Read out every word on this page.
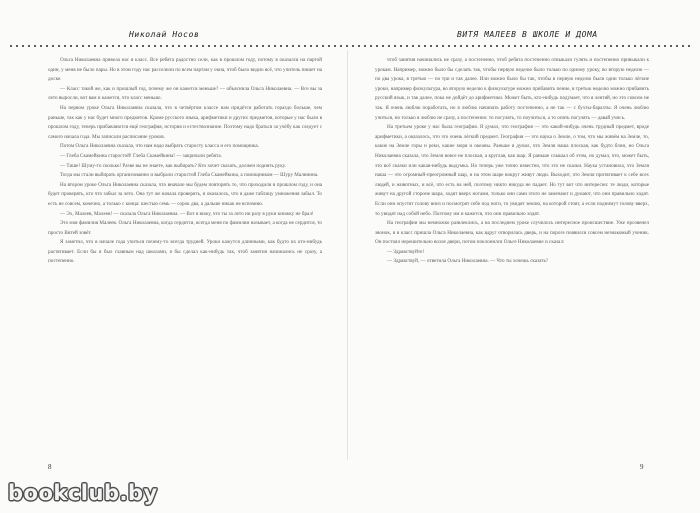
Николай Носов	ВИТЯ МАЛЕЕВ В ШКОЛЕ И ДОМА

Ольга Николаевна привела нас в класс. Все ребята радостно сели, как в прошлом году, потому я оказался на партой один, у меня не было пары. Но в этом году нас расселили по всем партам у окна, чтоб было видно всё, что учитель пишет на доске.

— Класс такой же, как и прошлый год, почему же он кажется меньше? — объяснила Ольга Николаевна. — Все вы за лето выросли, вот вам и кажется, что класс меньше.

На первом уроке Ольга Николаевна сказала, что в четвёртом классе нам придётся работать гораздо больше, чем раньше, так как у нас будет много предметов. Кроме русского языка, арифметики и других предметов, которые у нас были в прошлом году, теперь прибавляются ещё география, история и естествознание. Поэтому надо браться за учёбу как следует с самого начала года. Мы записали расписание уроков.

Потом Ольга Николаевна сказала, что нам надо выбрать старосту класса и его помощника.

— Глеба Скамейкина старостой! Глеба Скамейкина! — закричали ребята.

— Тише! Шуму-то сколько! Разве вы не знаете, как выбирать? Кто хочет сказать, должен поднять руку.

Тогда мы стали выбирать организованно и выбрали старостой Глеба Скамейкина, а помощником — Шуру Малинина.

На втором уроке Ольга Николаевна сказала, что вначале мы будем повторять то, что проходили в прошлом году, и она будет проверять, кто что забыл за лето. Она тут же начала проверять, и оказалось, что я даже таблицу умножения забыл. То есть не совсем, конечно, а только с конца: шестью семь — сорок два, а дальше никак не вспомню.

— Эх, Малеев, Малеев! — сказала Ольга Николаевна. — Вот я вижу, что ты за лето ни разу в руки книжку не брал!

Это моя фамилия Малеев. Ольга Николаевна, когда сердится, всегда меня по фамилии называет, а когда не сердится, то просто Витей зовёт.

Я заметил, что в начале года учиться почему-то всегда трудней. Уроки кажутся длинными, как будто их кто-нибудь растягивает. Если бы я был главным над школами, я бы сделал как-нибудь так, чтоб занятия начинались не сразу, а постепенно.

чтоб занятия начинались не сразу, а постепенно, чтоб ребята постепенно отвыкали гулять и постепенно привыкали к урокам. Например, можно было бы сделать так, чтобы первую неделю было только по одному уроку, во вторую неделю — по два урока, в третью — по три и так далее. Или можно было бы так, чтобы в первую неделю были одни только лёгкие уроки, например физкультура, во вторую неделю к физкультуре можно прибавить пение, в третью неделю можно прибавить русский язык, и так далее, пока не дойдёт до арифметики. Может быть, кто-нибудь подумает, что я лентяй, но это совсем не так. Я очень люблю поработать, но я люблю начинать работу постепенно, а не так — с бухты-барахты. Я очень люблю учиться, но только я люблю не сразу, а постепенно: то погулять, то поучиться, а то опять погулять — давай учись.

На третьем уроке у нас была география. Я думал, что география — это какой-нибудь очень трудный предмет, вроде арифметики, а оказалось, что это очень лёгкий предмет. География — это наука о Земле, о том, что мы живём на Земле, то, какие на Земле горы и реки, какие моря и океаны. Раньше я думал, что Земля наша плоская, как будто блин, но Ольга Николаевна сказала, что Земля вовсе не плоская, а круглая, как шар. Я раньше слышал об этом, но думал, что, может быть, это всё сказки или какая-нибудь выдумка. Но теперь уже точно известно, что это не сказки. Наука установила, что Земля наша — это огромный-преогромный шар, и на этом шаре вокруг живут люди. Выходит, что Земля притягивает к себе всех людей, и животных, и всё, что есть на ней, поэтому никто никуда не падает. Но тут вот что интересно: те люди, которые живут на другой стороне шара, ходят вверх ногами, только они сами этого не замечают и думают, что они правильно ходят. Если они опустят голову вниз и посмотрят себе под ноги, то увидят землю, на которой стоят, а если поднимут голову вверх, то увидят над собой небо. Поэтому им и кажется, что они правильно ходят.

На географии мы немножко развлеклись, а на последнем уроке случилось интересное происшествие. Уже прозвенел звонок, и в класс пришла Ольга Николаевна, как вдруг отворилась дверь, и на пороге появился совсем незнакомый ученик. Он постоял нерешительно возле двери, потом поклонился Ольге Николаевне и сказал:

— Здравствуйте!

— Здравствуй, — ответила Ольга Николаевна. — Что ты хочешь сказать?

8	9
bookclub.by
